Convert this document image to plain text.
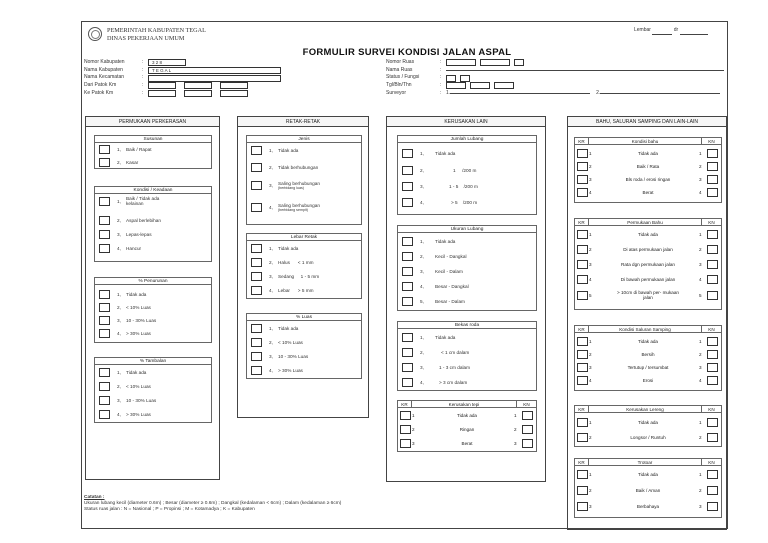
PEMERINTAH KABUPATEN TEGAL
DINAS PEKERJAAN UMUM
Lembar	dr
FORMULIR SURVEI KONDISI JALAN ASPAL
Nomor Kabupaten	:	3 2 8
Nama Kabupaten	:	T E G A L
Nama Kecamatan	:
Dari Patok Km	:
Ke Patok Km	:
Nomor Ruas	:
Nama Ruas	:
Status / Fungsi	:
Tgl/Bln/Thn	:
Surveyor	: 1.	2.
PERMUKAAN PERKERASAN
Susunan
1,	Baik / Rapat
2,	Kasar
Kondisi / Keadaan
1,	Baik / Tidak ada kelainan
2,	Aspal berlebihan
3,	Lepas-lepas
4,	Hancur
% Penurunan
1,	Tidak ada
2,	< 10% Luas
3,	10 - 30% Luas
4,	> 30% Luas
% Tambalan
1,	Tidak ada
2,	< 10% Luas
3,	10 - 30% Luas
4,	> 30% Luas
RETAK-RETAK
Jenis
1,	Tidak ada
2,	Tidak berhubungan
3,	Saling berhubungan
(berbidang luas)
4,	Saling berhubungan
(berbidang sempit)
Lebar Retak
1,	Tidak ada
2,	Halus      < 1 mm
3,	Sedang     1 - 5 mm
4,	Lebar      > 5 mm
% Luas
1,	Tidak ada
2,	< 10% Luas
3,	10 - 30% Luas
4,	> 30% Luas
KERUSAKAN LAIN
Jumlah Lubang
1,	Tidak ada
2,	1     /200 m
3,	1 - 5    /200 m
4,	> 5    /200 m
Ukuran Lubang
1,	Tidak ada
2,	Kecil - Dangkal
3,	Kecil - Dalam
4,	Besar - Dangkal
5,	Besar - Dalam
Bekas roda
1,	Tidak ada
2,	< 1 cm dalam
3,	1 - 3 cm dalam
4,	> 3 cm dalam
KR	Kerusakan tepi	KN
1	Tidak ada	1
2	Ringan	2
3	Berat	3
BAHU, SALURAN SAMPING DAN LAIN-LAIN
KR	Kondisi bahu	KN
1	Tidak ada	1
2	Baik / Rata	2
3	Bls roda / erosi ringan	3
4	Berat	4
KR	Permukaan Bahu	KN
1	Tidak ada	1
2	Di atas permukaan jalan	2
3	Rata dgn permukaan jalan	3
4	Di bawah permukaan jalan	4
5	> 10cm di bawah per- mukaan jalan	5
KR	Kondisi Saluran Samping	KN
1	Tidak ada	1
2	Bersih	2
3	Tertutup / tersumbat	3
4	Erosi	4
KR	Kerusakan Lereng	KN
1	Tidak ada	1
2	Longsor / Runtuh	2
KR	Trotoar	KN
1	Tidak ada	1
2	Baik / Aman	2
3	Berbahaya	3
Catatan :
Ukuran lubang kecil (diameter 0.6m) ; Besar (diameter ≥ 0.6m) ; Dangkal (kedalaman < 6cm) ; Dalam (kedalaman ≥ 6cm)
Status ruas jalan : N = Nasional ; P = Propinsi ; M = Kotamadya ; K = Kabupaten
